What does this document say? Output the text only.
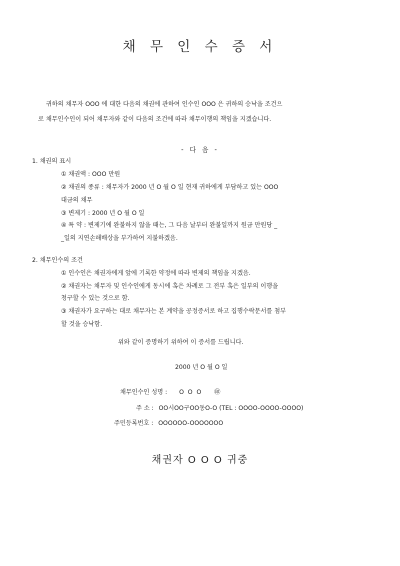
채 무 인 수 증 서
귀하의 채무자 OOO 에 대한 다음의 채권에 관하여 인수인 OOO 은 귀하의 승낙을 조건으
로 채무인수인이 되어 채무자와 같이 다음의 조건에 따라 채무이행의 책임을 지겠습니다.
- 다 음 -
1. 채권의 표시
① 채권액 : OOO 만원
② 채권의 종류 : 채무자가 2000 년 O 월 O 일 현재 귀하에게 부담하고 있는 OOO
대금의 채무
③ 변제기 : 2000 년 O 월 O 일
④ 특 약 : 변제기에 완불하지 않을 때는, 그 다음 날부터 완불일까지 원금 만원당 _
_일의 지연손해배상을 부가하여 지불하겠음.
2. 채무인수의 조건
① 인수인은 채권자에게 앞에 기록한 약정에 따라 변제의 책임을 지겠음.
② 채권자는 채무자 및 인수인에게 동시에 혹은 차례로 그 전부 혹은 일부의 이행을
청구할 수 있는 것으로 함.
③ 채권자가 요구하는 대로 채무자는 본 계약을 공정증서로 하고 집행수락문서를 첨부
할 것을 승낙함.
위와 같이 증명하기 위하여 이 증서를 드립니다.
2000 년 O 월 O 일
채무인수인 성명 : O O O ㊞
주 소 : OO시OO구OO동O-O (TEL : OOOO-OOOO-OOOO)
주민등록번호 : OOOOOO-OOOOOOO
채권자 O O O 귀중
